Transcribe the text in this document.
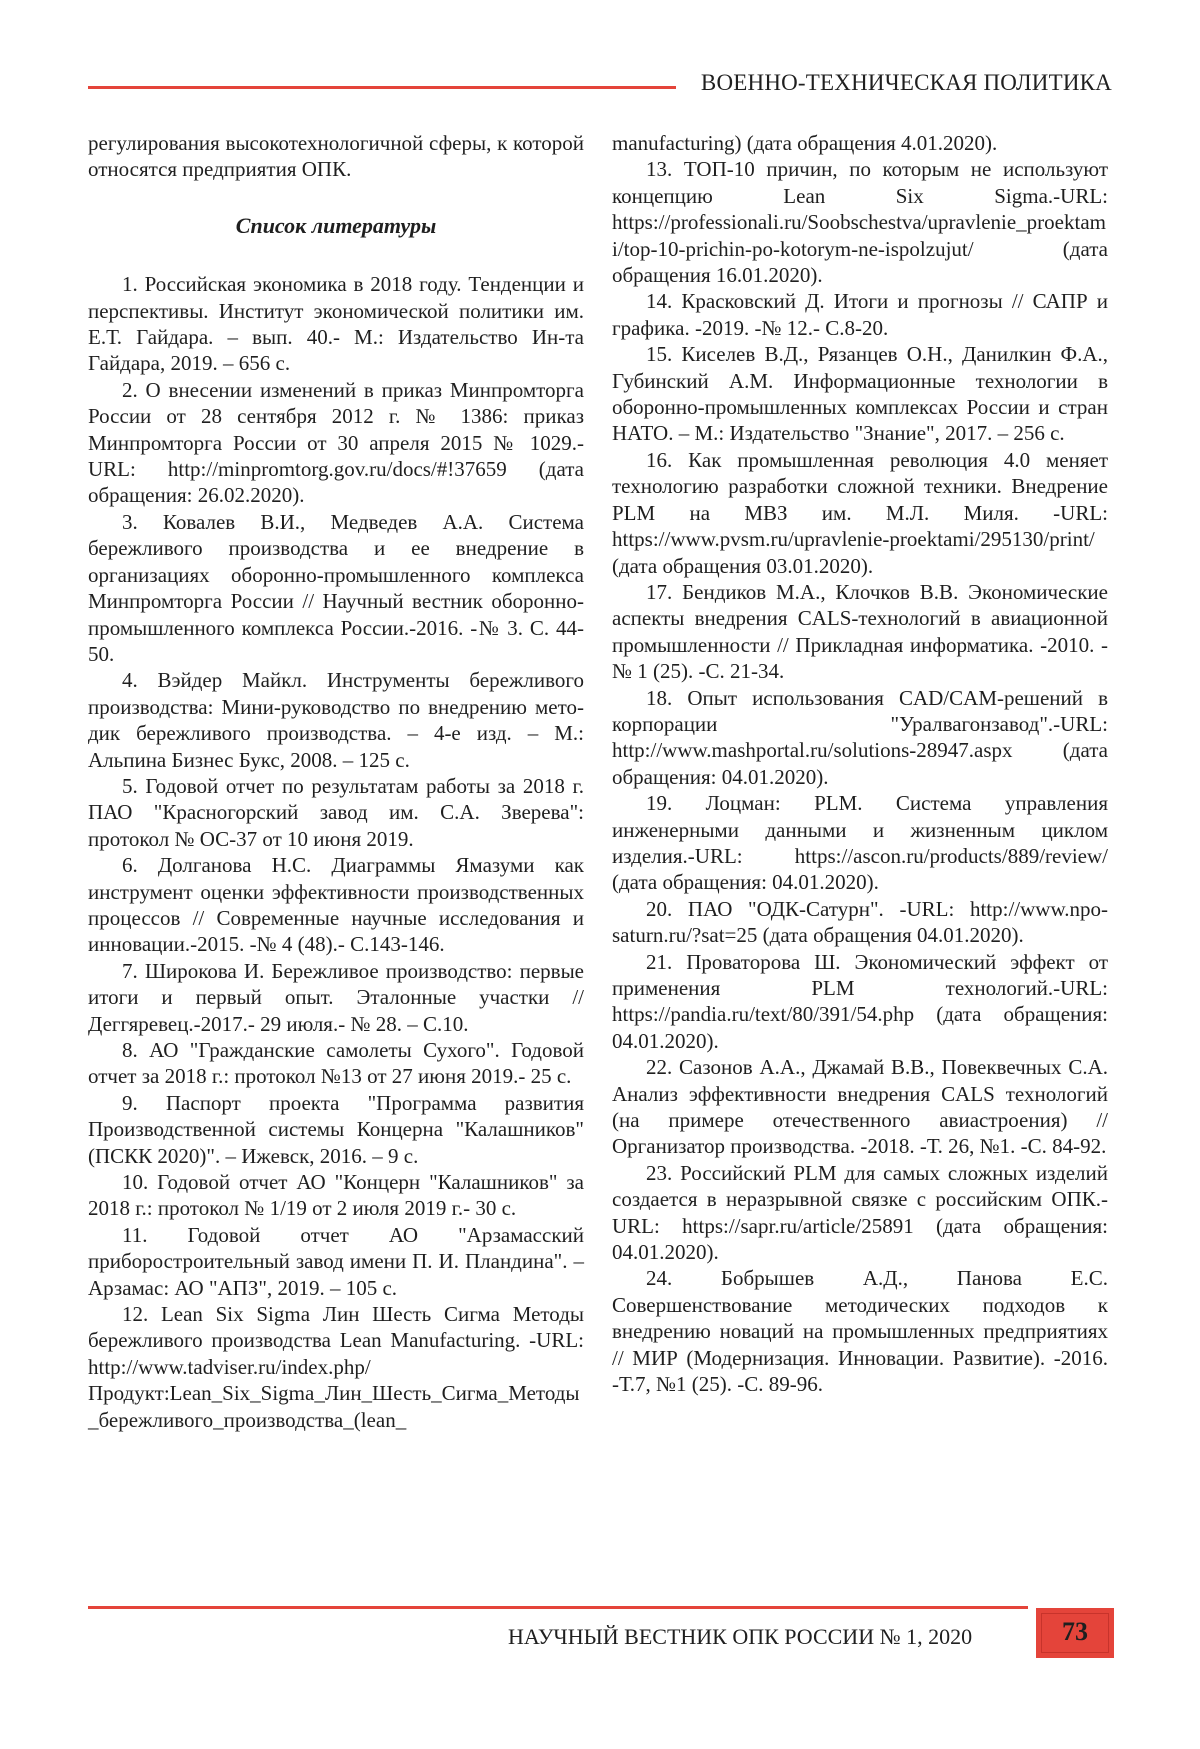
ВОЕННО-ТЕХНИЧЕСКАЯ ПОЛИТИКА

регулирования высокотехнологичной сферы, к которой относятся предприятия ОПК.

Список литературы

1. Российская экономика в 2018 году. Тенденции и перспективы. Институт экономической политики им. Е.Т. Гайдара. – вып. 40.- М.: Издательство Ин-та Гайдара, 2019. – 656 с.

2. О внесении изменений в приказ Минпромторга России от 28 сентября 2012 г. № 1386: приказ Минпромторга России от 30 апреля 2015 № 1029.-URL: http://minpromtorg.gov.ru/docs/#!37659 (дата обращения: 26.02.2020).

3. Ковалев В.И., Медведев А.А. Система бережливого производства и ее внедрение в организациях оборонно-промышленного комплекса Минпромторга России // Научный вестник оборонно-промышленного комплекса России.-2016. -№ 3. С. 44-50.

4. Вэйдер Майкл. Инструменты бережливого производства: Мини-руководство по внедрению мето-дик бережливого производства. – 4-е изд. – М.: Альпина Бизнес Букс, 2008. – 125 с.

5. Годовой отчет по результатам работы за 2018 г. ПАО "Красногорский завод им. С.А. Зверева": протокол № ОС-37 от 10 июня 2019.

6. Долганова Н.С. Диаграммы Ямазуми как инструмент оценки эффективности производственных процессов // Современные научные исследования и инновации.-2015. -№ 4 (48).- С.143-146.

7. Широкова И. Бережливое производство: первые итоги и первый опыт. Эталонные участки // Деггяревец.-2017.- 29 июля.- № 28. – С.10.

8. АО "Гражданские самолеты Сухого". Годовой отчет за 2018 г.: протокол №13 от 27 июня 2019.- 25 с.

9. Паспорт проекта "Программа развития Производственной системы Концерна "Калашников" (ПСКК 2020)". – Ижевск, 2016. – 9 с.

10. Годовой отчет АО "Концерн "Калашников" за 2018 г.: протокол № 1/19 от 2 июля 2019 г.- 30 с.

11. Годовой отчет АО "Арзамасский приборостроительный завод имени П. И. Пландина". – Арзамас: АО "АПЗ", 2019. – 105 с.

12. Lean Six Sigma Лин Шесть Сигма Методы бережливого производства Lean Manufacturing. -URL: http://www.tadviser.ru/index.php/Продукт:Lean_Six_Sigma_Лин_Шесть_Сигма_Методы_бережливого_производства_(lean_

manufacturing) (дата обращения 4.01.2020).

13. ТОП-10 причин, по которым не используют концепцию Lean Six Sigma.-URL: https://professionali.ru/Soobschestva/upravlenie_proektami/top-10-prichin-po-kotorym-ne-ispolzujut/ (дата обращения 16.01.2020).

14. Красковский Д. Итоги и прогнозы // САПР и графика. -2019. -№ 12.- С.8-20.

15. Киселев В.Д., Рязанцев О.Н., Данилкин Ф.А., Губинский А.М. Информационные технологии в оборонно-промышленных комплексах России и стран НАТО. – М.: Издательство "Знание", 2017. – 256 с.

16. Как промышленная революция 4.0 меняет технологию разработки сложной техники. Внедрение PLM на МВЗ им. М.Л. Миля. -URL: https://www.pvsm.ru/upravlenie-proektami/295130/print/ (дата обращения 03.01.2020).

17. Бендиков М.А., Клочков В.В. Экономические аспекты внедрения CALS-технологий в авиационной промышленности // Прикладная информатика. -2010. -№ 1 (25). -С. 21-34.

18. Опыт использования CAD/CAM-решений в корпорации "Уралвагонзавод".-URL: http://www.mashportal.ru/solutions-28947.aspx (дата обращения: 04.01.2020).

19. Лоцман: PLM. Система управления инженерными данными и жизненным циклом изделия.-URL: https://ascon.ru/products/889/review/ (дата обращения: 04.01.2020).

20. ПАО "ОДК-Сатурн". -URL: http://www.npo-saturn.ru/?sat=25 (дата обращения 04.01.2020).

21. Проваторова Ш. Экономический эффект от применения PLM технологий.-URL: https://pandia.ru/text/80/391/54.php (дата обращения: 04.01.2020).

22. Сазонов А.А., Джамай В.В., Повеквечных С.А. Анализ эффективности внедрения CALS технологий (на примере отечественного авиастроения) // Организатор производства. -2018. -Т. 26, №1. -С. 84-92.

23. Российский PLM для самых сложных изделий создается в неразрывной связке с российским ОПК.- URL: https://sapr.ru/article/25891 (дата обращения: 04.01.2020).

24. Бобрышев А.Д., Панова Е.С. Совершенствование методических подходов к внедрению новаций на промышленных предприятиях // МИР (Модернизация. Инновации. Развитие). -2016. -Т.7, №1 (25). -С. 89-96.

НАУЧНЫЙ ВЕСТНИК ОПК РОССИИ № 1, 2020	73
